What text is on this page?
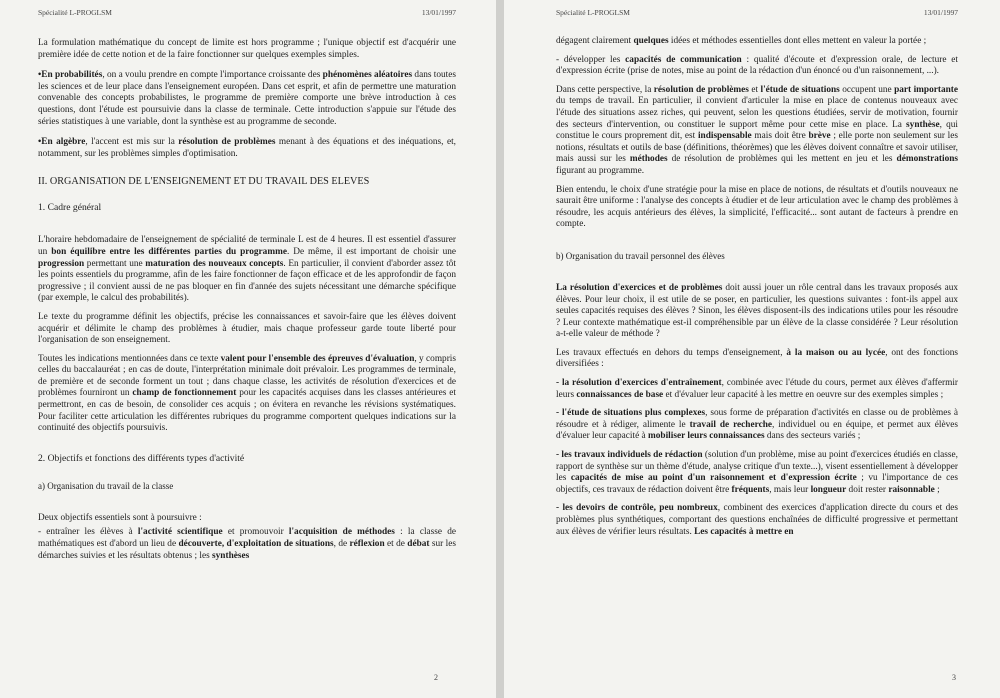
Spécialité L-PROGLSM	13/01/1997

La formulation mathématique du concept de limite est hors programme ; l'unique objectif est d'acquérir une première idée de cette notion et de la faire fonctionner sur quelques exemples simples.

•En probabilités, on a voulu prendre en compte l'importance croissante des phénomènes aléatoires dans toutes les sciences et de leur place dans l'enseignement européen. Dans cet esprit, et afin de permettre une maturation convenable des concepts probabilistes, le programme de première comporte une brève introduction à ces questions, dont l'étude est poursuivie dans la classe de terminale. Cette introduction s'appuie sur l'étude des séries statistiques à une variable, dont la synthèse est au programme de seconde.

•En algèbre, l'accent est mis sur la résolution de problèmes menant à des équations et des inéquations, et, notamment, sur les problèmes simples d'optimisation.

II. ORGANISATION DE L'ENSEIGNEMENT ET DU TRAVAIL DES ELEVES
1. Cadre général

L'horaire hebdomadaire de l'enseignement de spécialité de terminale L est de 4 heures. Il est essentiel d'assurer un bon équilibre entre les différentes parties du programme. De même, il est important de choisir une progression permettant une maturation des nouveaux concepts. En particulier, il convient d'aborder assez tôt les points essentiels du programme, afin de les faire fonctionner de façon efficace et de les approfondir de façon progressive ; il convient aussi de ne pas bloquer en fin d'année des sujets nécessitant une démarche spécifique (par exemple, le calcul des probabilités).

Le texte du programme définit les objectifs, précise les connaissances et savoir-faire que les élèves doivent acquérir et délimite le champ des problèmes à étudier, mais chaque professeur garde toute liberté pour l'organisation de son enseignement.

Toutes les indications mentionnées dans ce texte valent pour l'ensemble des épreuves d'évaluation, y compris celles du baccalauréat ; en cas de doute, l'interprétation minimale doit prévaloir. Les programmes de terminale, de première et de seconde forment un tout ; dans chaque classe, les activités de résolution d'exercices et de problèmes fourniront un champ de fonctionnement pour les capacités acquises dans les classes antérieures et permettront, en cas de besoin, de consolider ces acquis ; on évitera en revanche les révisions systématiques. Pour faciliter cette articulation les différentes rubriques du programme comportent quelques indications sur la continuité des objectifs poursuivis.

2. Objectifs et fonctions des différents types d'activité
a) Organisation du travail de la classe

Deux objectifs essentiels sont à poursuivre :

- entraîner les élèves à l'activité scientifique et promouvoir l'acquisition de méthodes : la classe de mathématiques est d'abord un lieu de découverte, d'exploitation de situations, de réflexion et de débat sur les démarches suivies et les résultats obtenus ; les synthèses

2
Spécialité L-PROGLSM	13/01/1997

dégagent clairement quelques idées et méthodes essentielles dont elles mettent en valeur la portée ;

- développer les capacités de communication : qualité d'écoute et d'expression orale, de lecture et d'expression écrite (prise de notes, mise au point de la rédaction d'un énoncé ou d'un raisonnement, ...).

Dans cette perspective, la résolution de problèmes et l'étude de situations occupent une part importante du temps de travail. En particulier, il convient d'articuler la mise en place de contenus nouveaux avec l'étude des situations assez riches, qui peuvent, selon les questions étudiées, servir de motivation, fournir des secteurs d'intervention, ou constituer le support même pour cette mise en place. La synthèse, qui constitue le cours proprement dit, est indispensable mais doit être brève ; elle porte non seulement sur les notions, résultats et outils de base (définitions, théorèmes) que les élèves doivent connaître et savoir utiliser, mais aussi sur les méthodes de résolution de problèmes qui les mettent en jeu et les démonstrations figurant au programme.

Bien entendu, le choix d'une stratégie pour la mise en place de notions, de résultats et d'outils nouveaux ne saurait être uniforme : l'analyse des concepts à étudier et de leur articulation avec le champ des problèmes à résoudre, les acquis antérieurs des élèves, la simplicité, l'efficacité... sont autant de facteurs à prendre en compte.

b) Organisation du travail personnel des élèves

La résolution d'exercices et de problèmes doit aussi jouer un rôle central dans les travaux proposés aux élèves. Pour leur choix, il est utile de se poser, en particulier, les questions suivantes : font-ils appel aux seules capacités requises des élèves ? Sinon, les élèves disposent-ils des indications utiles pour les résoudre ? Leur contexte mathématique est-il compréhensible par un élève de la classe considérée ? Leur résolution a-t-elle valeur de méthode ?

Les travaux effectués en dehors du temps d'enseignement, à la maison ou au lycée, ont des fonctions diversifiées :

- la résolution d'exercices d'entraînement, combinée avec l'étude du cours, permet aux élèves d'affermir leurs connaissances de base et d'évaluer leur capacité à les mettre en oeuvre sur des exemples simples ;

- l'étude de situations plus complexes, sous forme de préparation d'activités en classe ou de problèmes à résoudre et à rédiger, alimente le travail de recherche, individuel ou en équipe, et permet aux élèves d'évaluer leur capacité à mobiliser leurs connaissances dans des secteurs variés ;

- les travaux individuels de rédaction (solution d'un problème, mise au point d'exercices étudiés en classe, rapport de synthèse sur un thème d'étude, analyse critique d'un texte...), visent essentiellement à développer les capacités de mise au point d'un raisonnement et d'expression écrite ; vu l'importance de ces objectifs, ces travaux de rédaction doivent être fréquents, mais leur longueur doit rester raisonnable ;

- les devoirs de contrôle, peu nombreux, combinent des exercices d'application directe du cours et des problèmes plus synthétiques, comportant des questions enchaînées de difficulté progressive et permettant aux élèves de vérifier leurs résultats. Les capacités à mettre en

3
